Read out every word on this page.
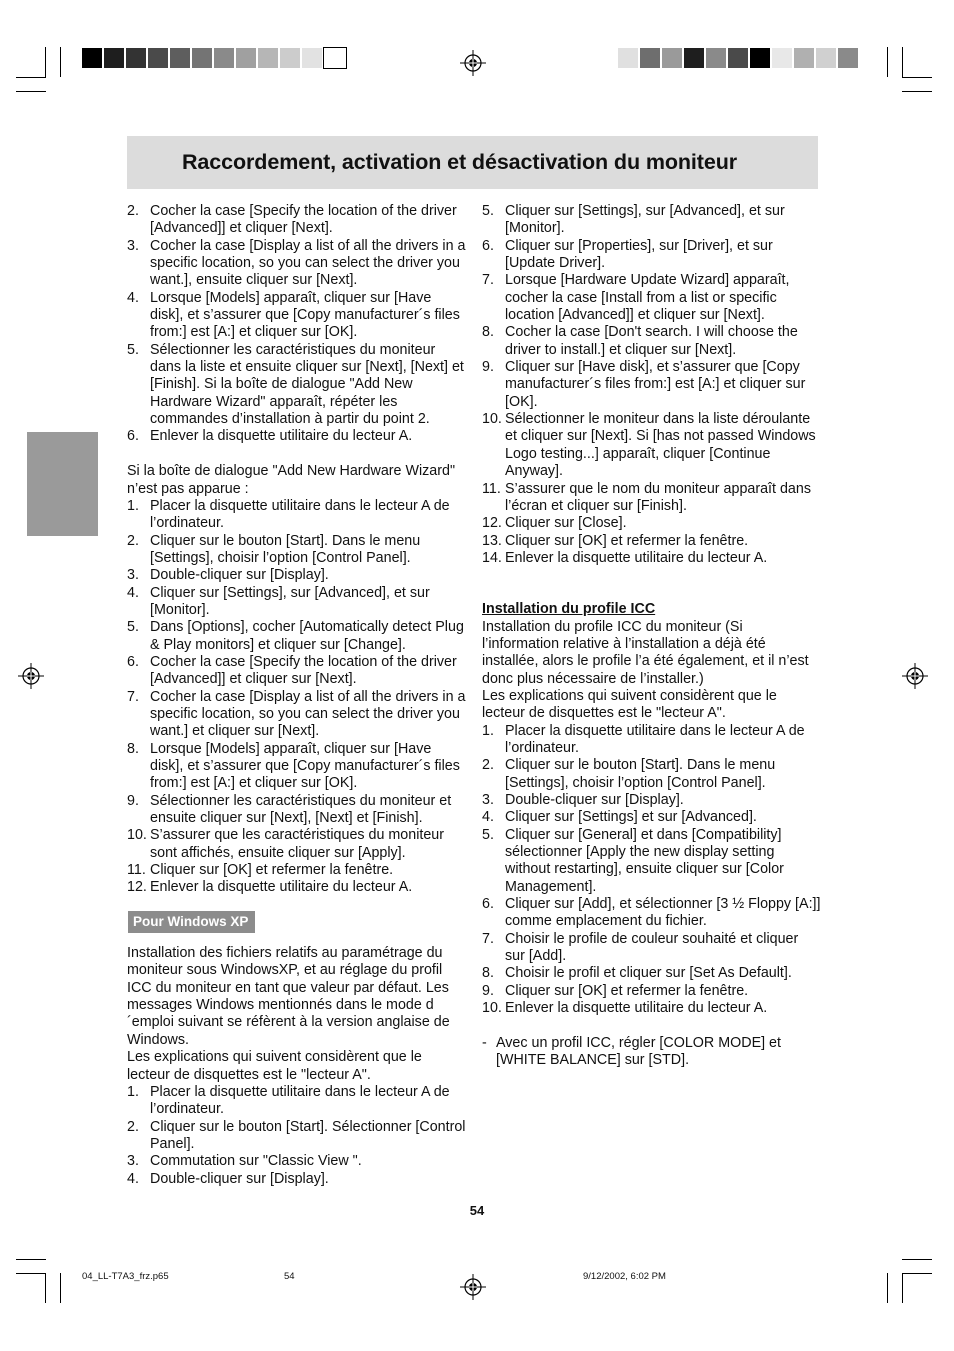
Raccordement, activation et désactivation du moniteur
2. Cocher la case [Specify the location of the driver [Advanced]] et cliquer [Next].
3. Cocher la case [Display a list of all the drivers in a specific location, so you can select the driver you want.], ensuite cliquer sur [Next].
4. Lorsque [Models] apparaît, cliquer sur [Have disk], et s’assurer que [Copy manufacturer´s files from:] est [A:] et cliquer sur [OK].
5. Sélectionner les caractéristiques du moniteur dans la liste et ensuite cliquer sur [Next], [Next] et [Finish]. Si la boîte de dialogue "Add New Hardware Wizard" apparaît, répéter les commandes d’installation à partir du point 2.
6. Enlever la disquette utilitaire du lecteur A.

Si la boîte de dialogue "Add New Hardware Wizard" n’est pas apparue :

1. Placer la disquette utilitaire dans le lecteur A de l’ordinateur.
2. Cliquer sur le bouton [Start]. Dans le menu [Settings], choisir l’option [Control Panel].
3. Double-cliquer sur [Display].
4. Cliquer sur [Settings], sur [Advanced], et sur [Monitor].
5. Dans [Options], cocher [Automatically detect Plug & Play monitors] et cliquer sur [Change].
6. Cocher la case [Specify the location of the driver [Advanced]] et cliquer sur [Next].
7. Cocher la case [Display a list of all the drivers in a specific location, so you can select the driver you want.] et cliquer sur [Next].
8. Lorsque [Models] apparaît, cliquer sur [Have disk], et s’assurer que [Copy manufacturer´s files from:] est [A:] et cliquer sur [OK].
9. Sélectionner les caractéristiques du moniteur et ensuite cliquer sur [Next], [Next] et [Finish].
10. S’assurer que les caractéristiques du moniteur sont affichés, ensuite cliquer sur [Apply].
11. Cliquer sur [OK] et refermer la fenêtre.
12. Enlever la disquette utilitaire du lecteur A.
Pour Windows XP

Installation des fichiers relatifs au paramétrage du moniteur sous WindowsXP, et au réglage du profil ICC du moniteur en tant que valeur par défaut. Les messages Windows mentionnés dans le mode d´emploi suivant se réfèrent à la version anglaise de Windows.

Les explications qui suivent considèrent que le lecteur de disquettes est le "lecteur A".

1. Placer la disquette utilitaire dans le lecteur A de l’ordinateur.
2. Cliquer sur le bouton [Start]. Sélectionner [Control Panel].
3. Commutation sur "Classic View ".
4. Double-cliquer sur [Display].
5. Cliquer sur [Settings], sur [Advanced], et sur [Monitor].
6. Cliquer sur [Properties], sur [Driver], et sur [Update Driver].
7. Lorsque [Hardware Update Wizard] apparaît, cocher la case [Install from a list or specific location [Advanced]] et cliquer sur [Next].
8. Cocher la case [Don't search. I will choose the driver to install.] et cliquer sur [Next].
9. Cliquer sur [Have disk], et s’assurer que [Copy manufacturer´s files from:] est [A:] et cliquer sur [OK].
10. Sélectionner le moniteur dans la liste déroulante et cliquer sur [Next]. Si [has not passed Windows Logo testing...] apparaît, cliquer [Continue Anyway].
11. S’assurer que le nom du moniteur apparaît dans l’écran et cliquer sur [Finish].
12. Cliquer sur [Close].
13. Cliquer sur [OK] et refermer la fenêtre.
14. Enlever la disquette utilitaire du lecteur A.

Installation du profile ICC

Installation du profile ICC du moniteur (Si l’information relative à l’installation a déjà été installée, alors le profile l’a été également, et il n’est donc plus nécessaire de l’installer.)

Les explications qui suivent considèrent que le lecteur de disquettes est le "lecteur A".

1. Placer la disquette utilitaire dans le lecteur A de l’ordinateur.
2. Cliquer sur le bouton [Start]. Dans le menu [Settings], choisir l’option [Control Panel].
3. Double-cliquer sur [Display].
4. Cliquer sur [Settings] et sur [Advanced].
5. Cliquer sur [General] et dans [Compatibility] sélectionner [Apply the new display setting without restarting], ensuite cliquer sur [Color Management].
6. Cliquer sur [Add], et sélectionner [3 ½ Floppy [A:]] comme emplacement du fichier.
7. Choisir le profile de couleur souhaité et cliquer sur [Add].
8. Choisir le profil et cliquer sur [Set As Default].
9. Cliquer sur [OK] et refermer la fenêtre.
10. Enlever la disquette utilitaire du lecteur A.
- Avec un profil ICC, régler [COLOR MODE] et [WHITE BALANCE] sur [STD].
54
04_LL-T7A3_frz.p65	54	9/12/2002, 6:02 PM
